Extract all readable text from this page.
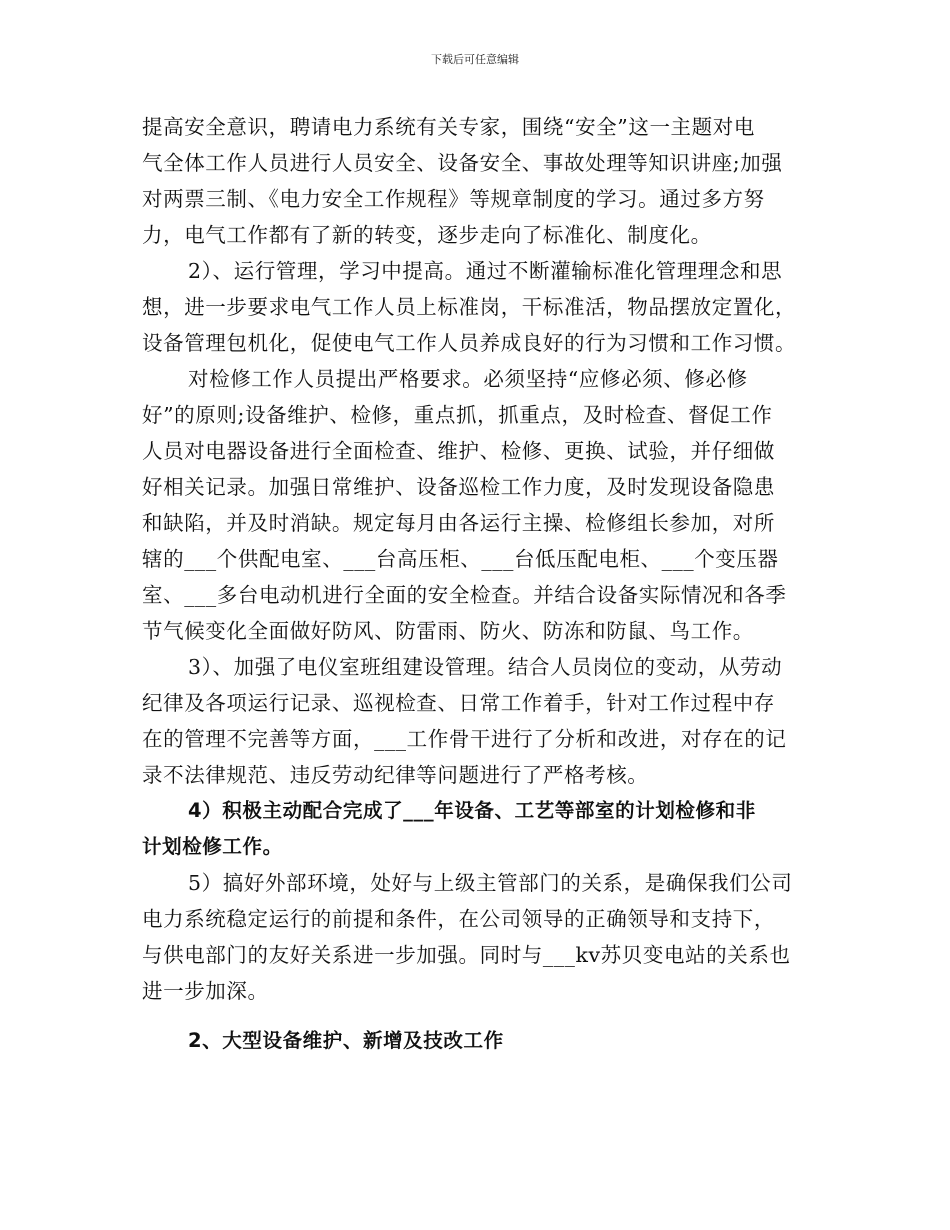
下载后可任意编辑
提高安全意识，聘请电力系统有关专家，围绕“安全”这一主题对电
气全体工作人员进行人员安全、设备安全、事故处理等知识讲座;加强
对两票三制、《电力安全工作规程》等规章制度的学习。通过多方努
力，电气工作都有了新的转变，逐步走向了标准化、制度化。
2）、运行管理，学习中提高。通过不断灌输标准化管理理念和思
想，进一步要求电气工作人员上标准岗，干标准活，物品摆放定置化，
设备管理包机化，促使电气工作人员养成良好的行为习惯和工作习惯。
对检修工作人员提出严格要求。必须坚持“应修必须、修必修
好”的原则;设备维护、检修，重点抓，抓重点，及时检查、督促工作
人员对电器设备进行全面检查、维护、检修、更换、试验，并仔细做
好相关记录。加强日常维护、设备巡检工作力度，及时发现设备隐患
和缺陷，并及时消缺。规定每月由各运行主操、检修组长参加，对所
辖的___个供配电室、___台高压柜、___台低压配电柜、___个变压器
室、___多台电动机进行全面的安全检查。并结合设备实际情况和各季
节气候变化全面做好防风、防雷雨、防火、防冻和防鼠、鸟工作。
3）、加强了电仪室班组建设管理。结合人员岗位的变动，从劳动
纪律及各项运行记录、巡视检查、日常工作着手，针对工作过程中存
在的管理不完善等方面，___工作骨干进行了分析和改进，对存在的记
录不法律规范、违反劳动纪律等问题进行了严格考核。
4）积极主动配合完成了___年设备、工艺等部室的计划检修和非
计划检修工作。
5）搞好外部环境，处好与上级主管部门的关系，是确保我们公司
电力系统稳定运行的前提和条件，在公司领导的正确领导和支持下，
与供电部门的友好关系进一步加强。同时与___kv苏贝变电站的关系也
进一步加深。
2、大型设备维护、新增及技改工作
